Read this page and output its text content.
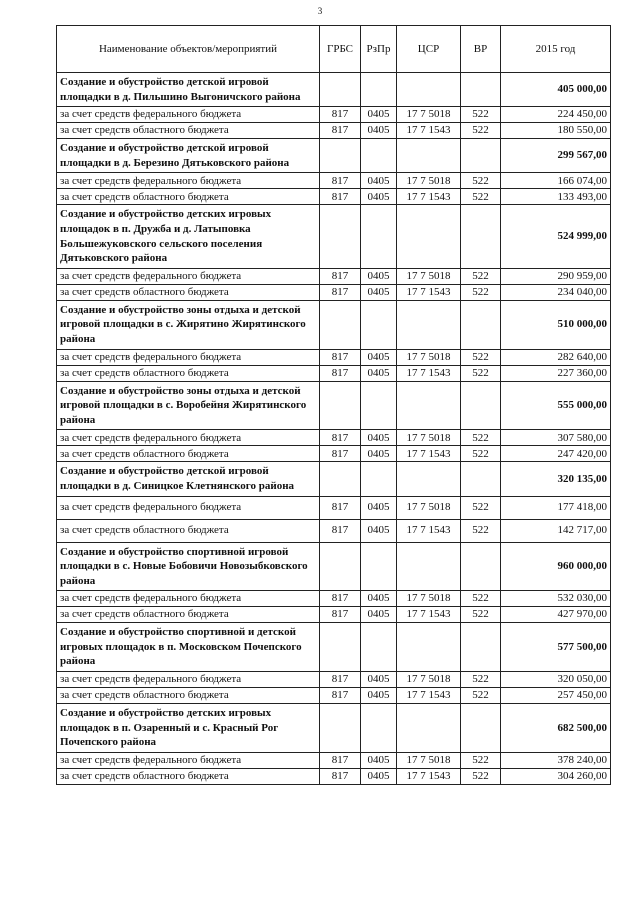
3
Наименование объектов/мероприятий	ГРБС	РзПр	ЦСР	ВР	2015 год
Создание и обустройство детской игровой площадки в д. Пильшино Выгоничского района					405 000,00
за счет средств федерального бюджета	817	0405	17 7 5018	522	224 450,00
за счет средств областного бюджета	817	0405	17 7 1543	522	180 550,00
Создание и обустройство детской игровой площадки в д. Березино Дятьковского района					299 567,00
за счет средств федерального бюджета	817	0405	17 7 5018	522	166 074,00
за счет средств областного бюджета	817	0405	17 7 1543	522	133 493,00
Создание и обустройство детских игровых площадок в п. Дружба и д. Латыповка Большежуковского сельского поселения Дятьковского района					524 999,00
за счет средств федерального бюджета	817	0405	17 7 5018	522	290 959,00
за счет средств областного бюджета	817	0405	17 7 1543	522	234 040,00
Создание и обустройство зоны отдыха и детской игровой площадки в с. Жирятино Жирятинского района					510 000,00
за счет средств федерального бюджета	817	0405	17 7 5018	522	282 640,00
за счет средств областного бюджета	817	0405	17 7 1543	522	227 360,00
Создание и обустройство зоны отдыха и детской игровой площадки в с. Воробейня Жирятинского района					555 000,00
за счет средств федерального бюджета	817	0405	17 7 5018	522	307 580,00
за счет средств областного бюджета	817	0405	17 7 1543	522	247 420,00
Создание и обустройство детской игровой площадки в д. Синицкое Клетнянского района					320 135,00
за счет средств федерального бюджета	817	0405	17 7 5018	522	177 418,00
за счет средств областного бюджета	817	0405	17 7 1543	522	142 717,00
Создание и обустройство спортивной игровой площадки в с. Новые Бобовичи Новозыбковского района					960 000,00
за счет средств федерального бюджета	817	0405	17 7 5018	522	532 030,00
за счет средств областного бюджета	817	0405	17 7 1543	522	427 970,00
Создание и обустройство спортивной и детской игровых площадок в п. Московском Почепского района					577 500,00
за счет средств федерального бюджета	817	0405	17 7 5018	522	320 050,00
за счет средств областного бюджета	817	0405	17 7 1543	522	257 450,00
Создание и обустройство детских игровых площадок в п. Озаренный и с. Красный Рог Почепского района					682 500,00
за счет средств федерального бюджета	817	0405	17 7 5018	522	378 240,00
за счет средств областного бюджета	817	0405	17 7 1543	522	304 260,00
